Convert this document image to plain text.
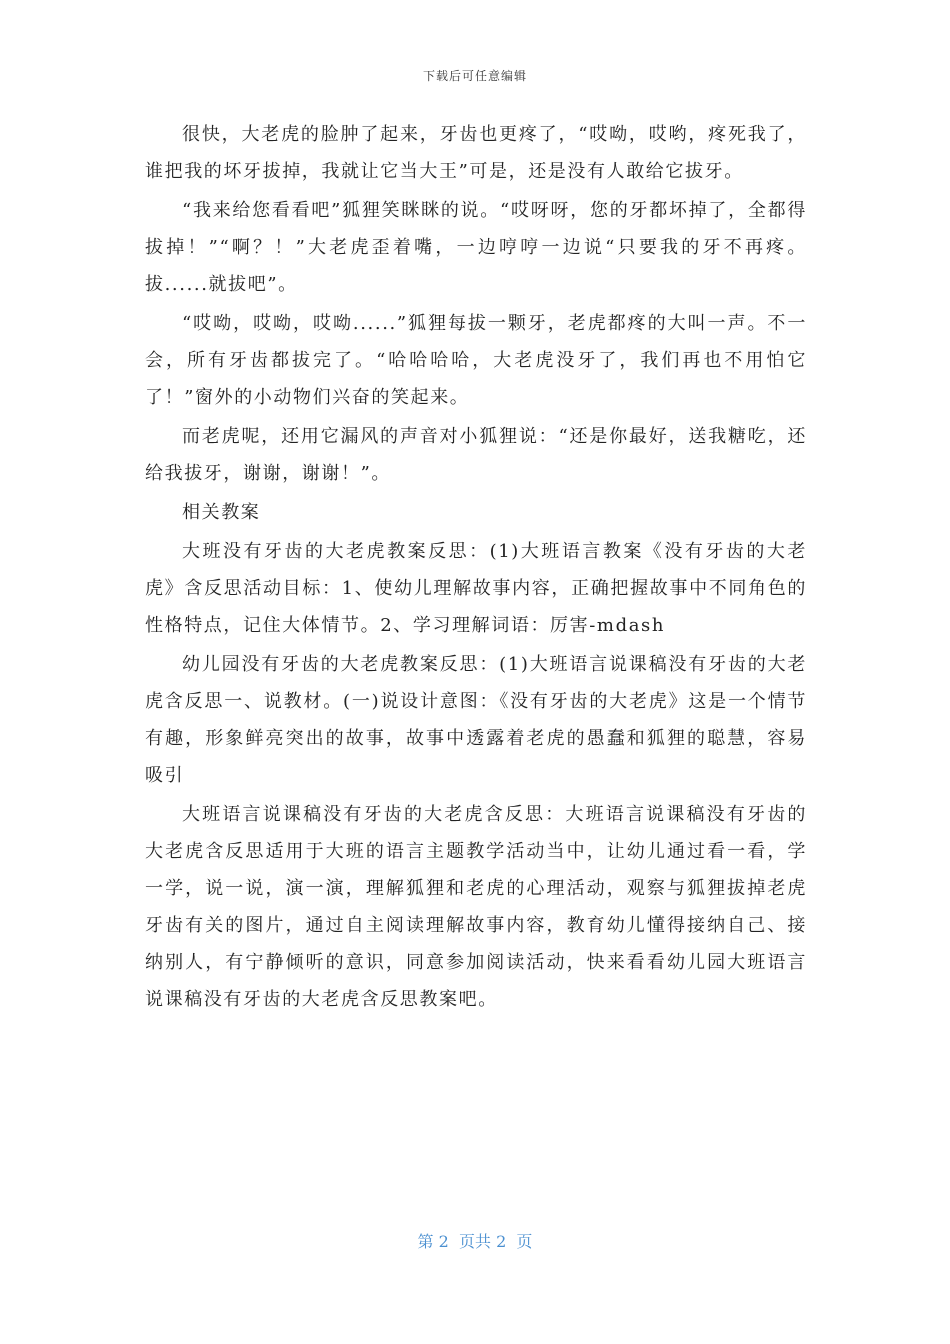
下载后可任意编辑

很快，大老虎的脸肿了起来，牙齿也更疼了，“哎呦，哎哟，疼死我了，谁把我的坏牙拔掉，我就让它当大王”可是，还是没有人敢给它拔牙。

“我来给您看看吧”狐狸笑眯眯的说。“哎呀呀，您的牙都坏掉了，全都得拔掉！”“啊？！”大老虎歪着嘴，一边哼哼一边说“只要我的牙不再疼。拔......就拔吧”。

“哎呦，哎呦，哎呦......”狐狸每拔一颗牙，老虎都疼的大叫一声。不一会，所有牙齿都拔完了。“哈哈哈哈，大老虎没牙了，我们再也不用怕它了！”窗外的小动物们兴奋的笑起来。

而老虎呢，还用它漏风的声音对小狐狸说：“还是你最好，送我糖吃，还给我拔牙，谢谢，谢谢！”。

相关教案

大班没有牙齿的大老虎教案反思：(1)大班语言教案《没有牙齿的大老虎》含反思活动目标：1、使幼儿理解故事内容，正确把握故事中不同角色的性格特点，记住大体情节。2、学习理解词语：厉害-mdash

幼儿园没有牙齿的大老虎教案反思：(1)大班语言说课稿没有牙齿的大老虎含反思一、说教材。(一)说设计意图：《没有牙齿的大老虎》这是一个情节有趣，形象鲜亮突出的故事，故事中透露着老虎的愚蠢和狐狸的聪慧，容易吸引

大班语言说课稿没有牙齿的大老虎含反思：大班语言说课稿没有牙齿的大老虎含反思适用于大班的语言主题教学活动当中，让幼儿通过看一看，学一学，说一说，演一演，理解狐狸和老虎的心理活动，观察与狐狸拔掉老虎牙齿有关的图片，通过自主阅读理解故事内容，教育幼儿懂得接纳自己、接纳别人，有宁静倾听的意识，同意参加阅读活动，快来看看幼儿园大班语言说课稿没有牙齿的大老虎含反思教案吧。

第 2  页共 2  页
